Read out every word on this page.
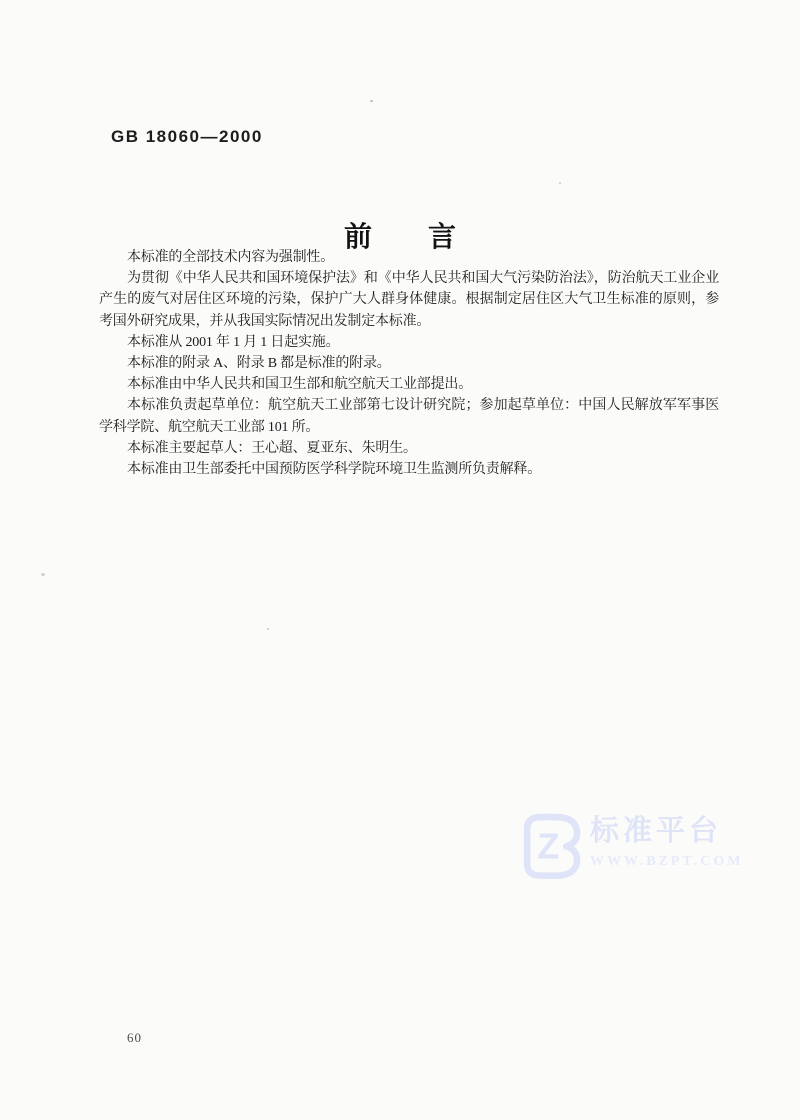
GB 18060—2000
前　　言

本标准的全部技术内容为强制性。

为贯彻《中华人民共和国环境保护法》和《中华人民共和国大气污染防治法》，防治航天工业企业产生的废气对居住区环境的污染，保护广大人群身体健康。根据制定居住区大气卫生标准的原则，参考国外研究成果，并从我国实际情况出发制定本标准。

本标准从 2001 年 1 月 1 日起实施。

本标准的附录 A、附录 B 都是标准的附录。

本标准由中华人民共和国卫生部和航空航天工业部提出。

本标准负责起草单位：航空航天工业部第七设计研究院；参加起草单位：中国人民解放军军事医学科学院、航空航天工业部 101 所。

本标准主要起草人：王心超、夏亚东、朱明生。

本标准由卫生部委托中国预防医学科学院环境卫生监测所负责解释。

Z 标准平台
WWW.BZPT.COM
60
